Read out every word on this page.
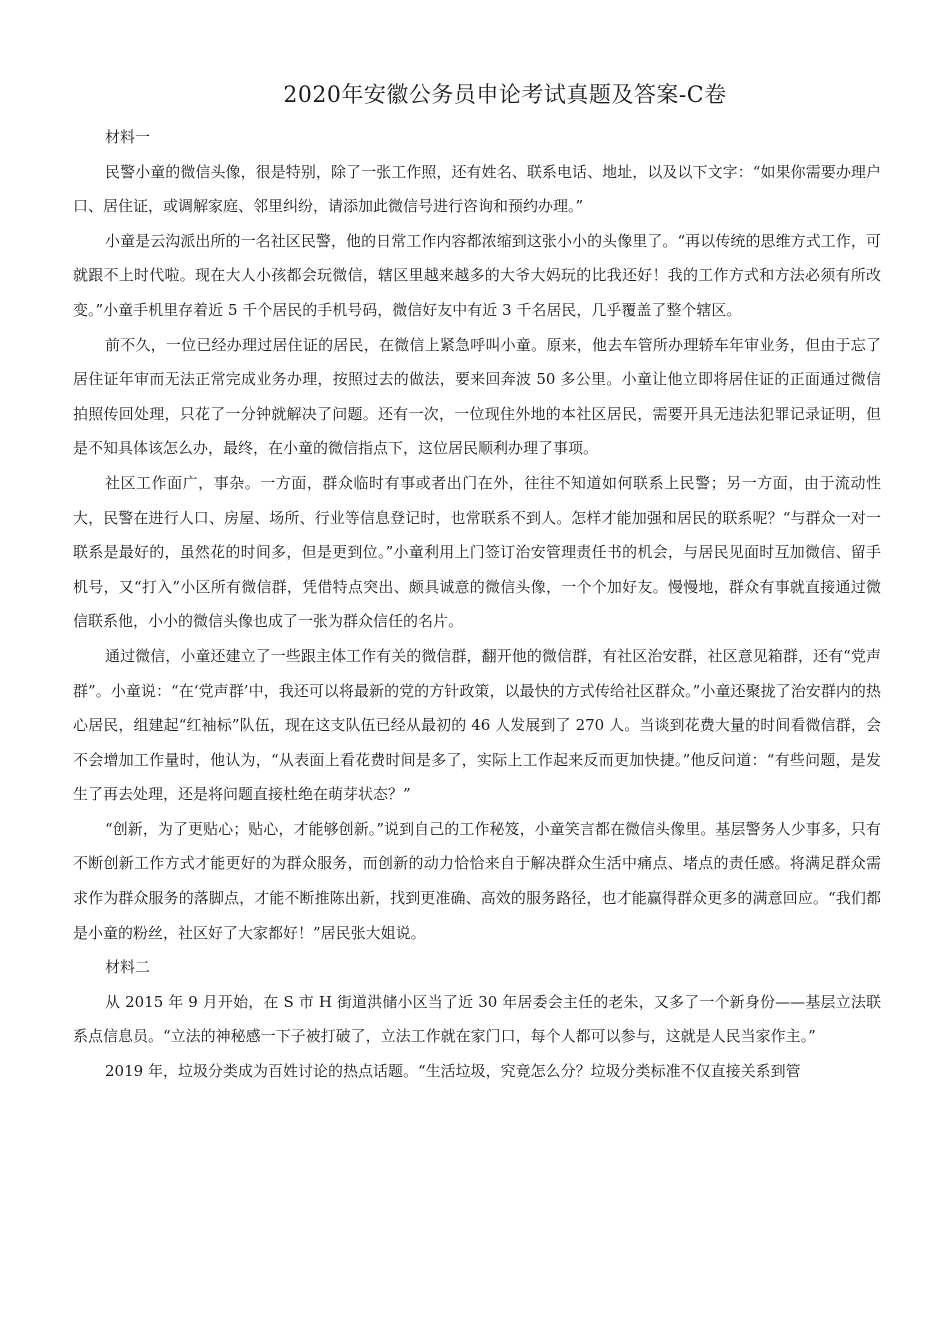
2020年安徽公务员申论考试真题及答案-C卷

材料一

民警小童的微信头像，很是特别，除了一张工作照，还有姓名、联系电话、地址，以及以下文字：“如果你需要办理户口、居住证，或调解家庭、邻里纠纷，请添加此微信号进行咨询和预约办理。”

小童是云沟派出所的一名社区民警，他的日常工作内容都浓缩到这张小小的头像里了。“再以传统的思维方式工作，可就跟不上时代啦。现在大人小孩都会玩微信，辖区里越来越多的大爷大妈玩的比我还好！我的工作方式和方法必须有所改变。”小童手机里存着近 5 千个居民的手机号码，微信好友中有近 3 千名居民，几乎覆盖了整个辖区。

前不久，一位已经办理过居住证的居民，在微信上紧急呼叫小童。原来，他去车管所办理轿车年审业务，但由于忘了居住证年审而无法正常完成业务办理，按照过去的做法，要来回奔波 50 多公里。小童让他立即将居住证的正面通过微信拍照传回处理，只花了一分钟就解决了问题。还有一次，一位现住外地的本社区居民，需要开具无违法犯罪记录证明，但是不知具体该怎么办，最终，在小童的微信指点下，这位居民顺利办理了事项。

社区工作面广，事杂。一方面，群众临时有事或者出门在外，往往不知道如何联系上民警；另一方面，由于流动性大，民警在进行人口、房屋、场所、行业等信息登记时，也常联系不到人。怎样才能加强和居民的联系呢？“与群众一对一联系是最好的，虽然花的时间多，但是更到位。”小童利用上门签订治安管理责任书的机会，与居民见面时互加微信、留手机号，又“打入”小区所有微信群，凭借特点突出、颇具诚意的微信头像，一个个加好友。慢慢地，群众有事就直接通过微信联系他，小小的微信头像也成了一张为群众信任的名片。

通过微信，小童还建立了一些跟主体工作有关的微信群，翻开他的微信群，有社区治安群，社区意见箱群，还有“党声群”。小童说：“在‘党声群’中，我还可以将最新的党的方针政策，以最快的方式传给社区群众。”小童还聚拢了治安群内的热心居民，组建起“红袖标”队伍，现在这支队伍已经从最初的 46 人发展到了 270 人。当谈到花费大量的时间看微信群，会不会增加工作量时，他认为，“从表面上看花费时间是多了，实际上工作起来反而更加快捷。”他反问道：“有些问题，是发生了再去处理，还是将问题直接杜绝在萌芽状态？”

“创新，为了更贴心；贴心，才能够创新。”说到自己的工作秘笈，小童笑言都在微信头像里。基层警务人少事多，只有不断创新工作方式才能更好的为群众服务，而创新的动力恰恰来自于解决群众生活中痛点、堵点的责任感。将满足群众需求作为群众服务的落脚点，才能不断推陈出新，找到更准确、高效的服务路径，也才能赢得群众更多的满意回应。“我们都是小童的粉丝，社区好了大家都好！”居民张大姐说。

材料二

从 2015 年 9 月开始，在 S 市 H 街道洪储小区当了近 30 年居委会主任的老朱，又多了一个新身份——基层立法联系点信息员。“立法的神秘感一下子被打破了，立法工作就在家门口，每个人都可以参与，这就是人民当家作主。”

2019 年，垃圾分类成为百姓讨论的热点话题。“生活垃圾，究竟怎么分？垃圾分类标准不仅直接关系到管
